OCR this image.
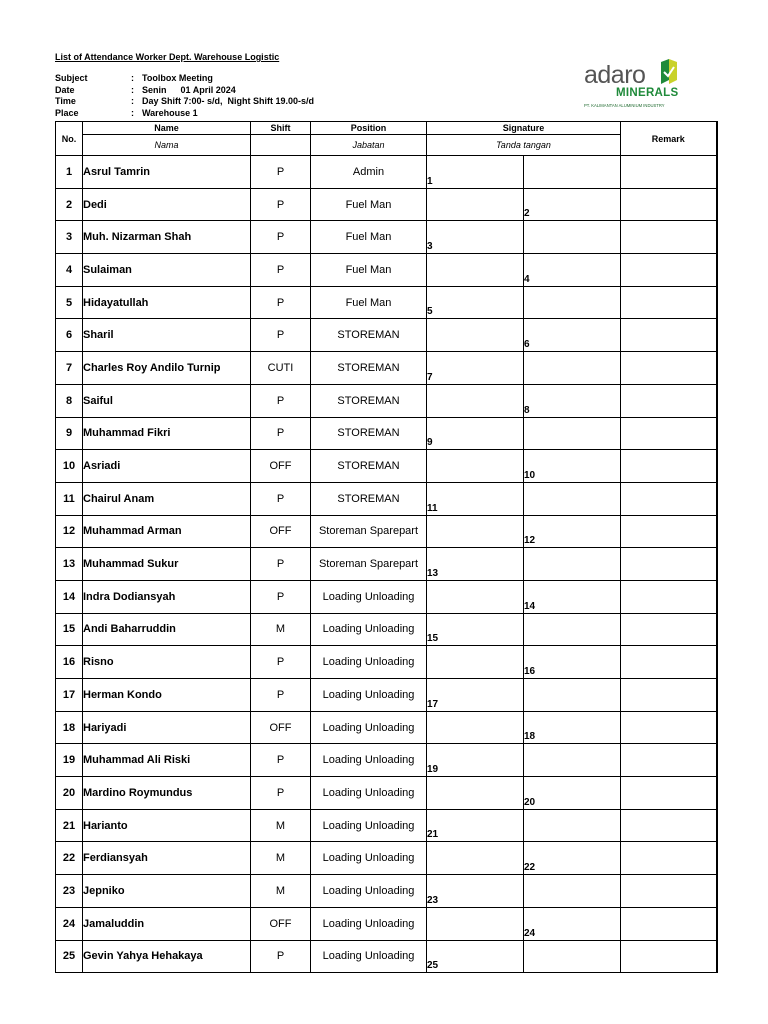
List of Attendance Worker Dept. Warehouse Logistic
Subject	: Toolbox Meeting
Date	: Senin 01 April 2024
Time	: Day Shift 7:00- s/d,  Night Shift 19.00-s/d
Place	: Warehouse 1
adaro
MINERALS
PT. KALIMANTAN ALUMINIUM INDUSTRY
No.	Name	Shift	Position	Signature		Remark
	Nama		Jabatan	Tanda tangan		
1	Asrul Tamrin	P	Admin	1		

2	Dedi	P	Fuel Man		2	

3	Muh. Nizarman Shah	P	Fuel Man	3		

4	Sulaiman	P	Fuel Man		4	

5	Hidayatullah	P	Fuel Man	5		

6	Sharil	P	STOREMAN		6	

7	Charles Roy Andilo Turnip	CUTI	STOREMAN	7		

8	Saiful	P	STOREMAN		8	

9	Muhammad Fikri	P	STOREMAN	9		

10	Asriadi	OFF	STOREMAN		10	

11	Chairul Anam	P	STOREMAN	11		

12	Muhammad Arman	OFF	Storeman Sparepart		12	

13	Muhammad Sukur	P	Storeman Sparepart	13		

14	Indra Dodiansyah	P	Loading Unloading		14	

15	Andi Baharruddin	M	Loading Unloading	15		

16	Risno	P	Loading Unloading		16	

17	Herman Kondo	P	Loading Unloading	17		

18	Hariyadi	OFF	Loading Unloading		18	

19	Muhammad Ali Riski	P	Loading Unloading	19		

20	Mardino Roymundus	P	Loading Unloading		20	

21	Harianto	M	Loading Unloading	21		

22	Ferdiansyah	M	Loading Unloading		22	

23	Jepniko	M	Loading Unloading	23		

24	Jamaluddin	OFF	Loading Unloading		24	

25	Gevin Yahya Hehakaya	P	Loading Unloading	25		
